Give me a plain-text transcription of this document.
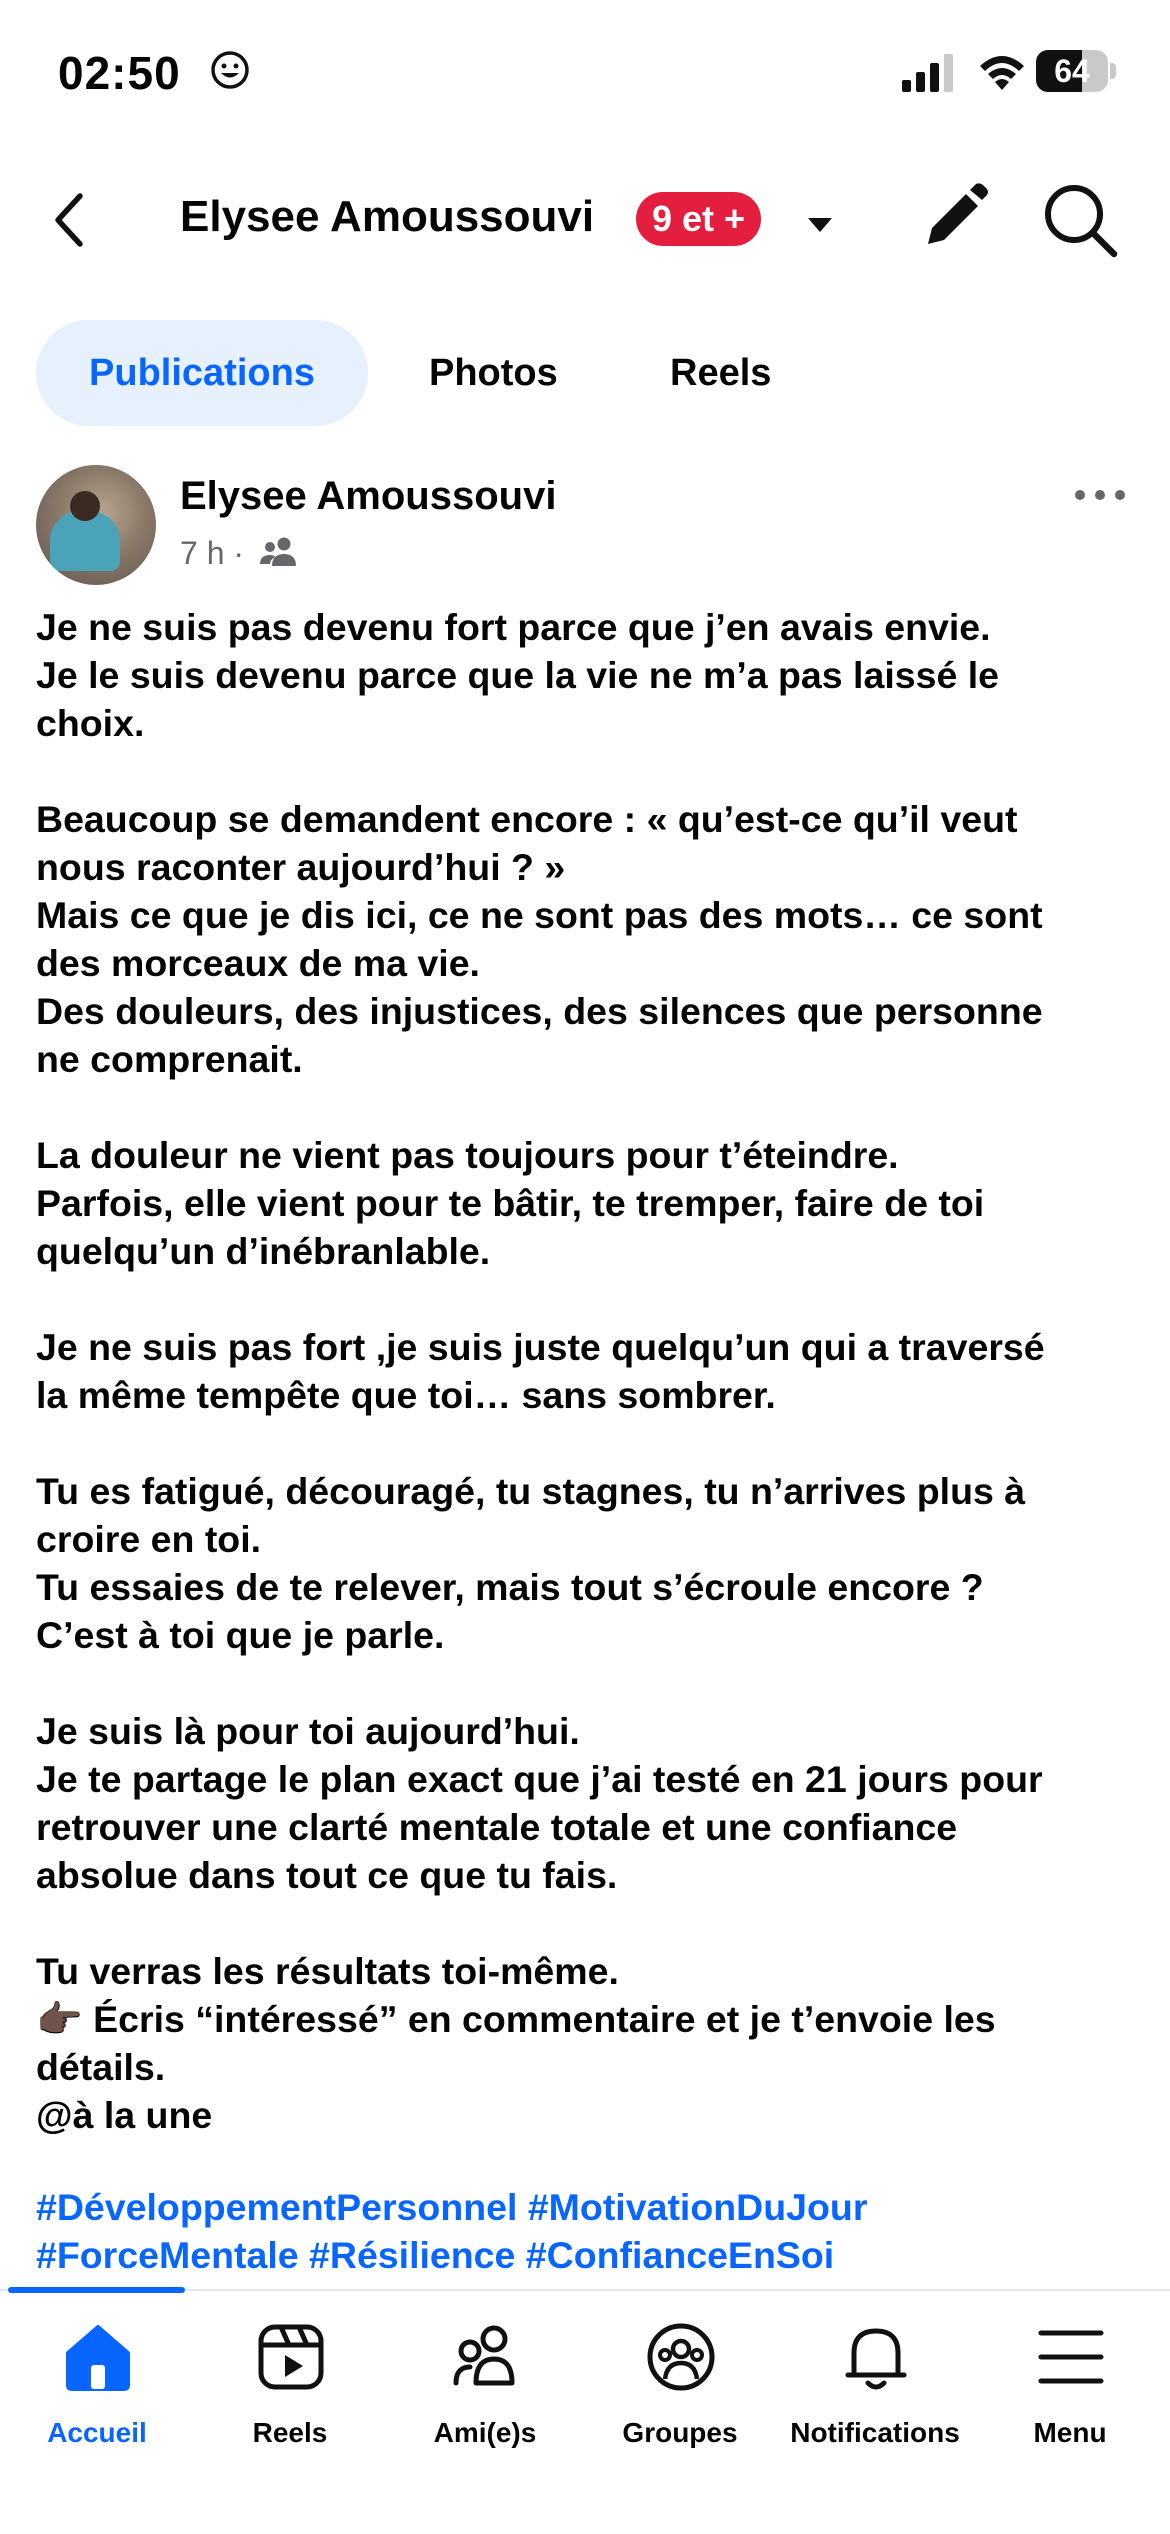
02:50	64
Elysee Amoussouvi	9 et +
Publications	Photos	Reels
Elysee Amoussouvi
7 h ·

Je ne suis pas devenu fort parce que j’en avais envie.
Je le suis devenu parce que la vie ne m’a pas laissé le
choix.

Beaucoup se demandent encore : « qu’est-ce qu’il veut
nous raconter aujourd’hui ? »
Mais ce que je dis ici, ce ne sont pas des mots… ce sont
des morceaux de ma vie.
Des douleurs, des injustices, des silences que personne
ne comprenait.

La douleur ne vient pas toujours pour t’éteindre.
Parfois, elle vient pour te bâtir, te tremper, faire de toi
quelqu’un d’inébranlable.

Je ne suis pas fort ,je suis juste quelqu’un qui a traversé
la même tempête que toi… sans sombrer.

Tu es fatigué, découragé, tu stagnes, tu n’arrives plus à
croire en toi.
Tu essaies de te relever, mais tout s’écroule encore ?
C’est à toi que je parle.

Je suis là pour toi aujourd’hui.
Je te partage le plan exact que j’ai testé en 21 jours pour
retrouver une clarté mentale totale et une confiance
absolue dans tout ce que tu fais.

Tu verras les résultats toi-même.
👉🏿 Écris “intéressé” en commentaire et je t’envoie les
détails.
@à la une

#DéveloppementPersonnel #MotivationDuJour
#ForceMentale #Résilience #ConfianceEnSoi
Accueil	Reels	Ami(e)s	Groupes	Notifications	Menu
